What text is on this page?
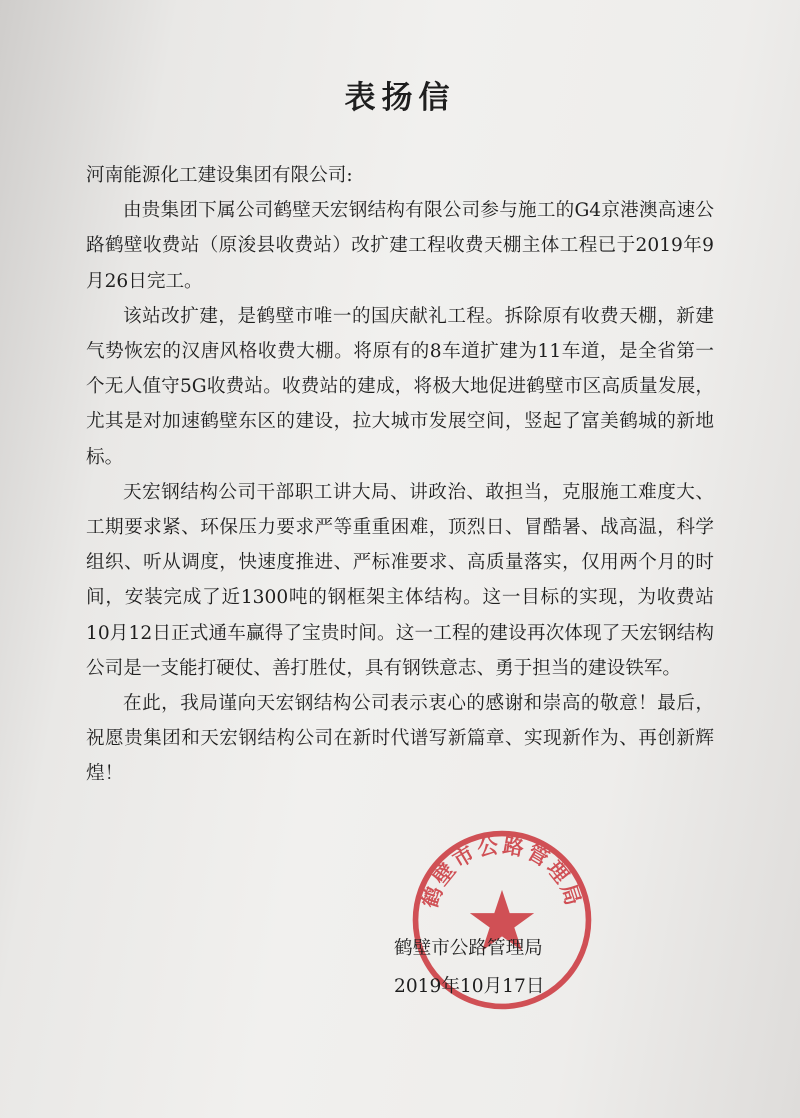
表扬信

河南能源化工建设集团有限公司:

由贵集团下属公司鹤壁天宏钢结构有限公司参与施工的G4京港澳高速公路鹤壁收费站（原浚县收费站）改扩建工程收费天棚主体工程已于2019年9月26日完工。

该站改扩建，是鹤壁市唯一的国庆献礼工程。拆除原有收费天棚，新建气势恢宏的汉唐风格收费大棚。将原有的8车道扩建为11车道，是全省第一个无人值守5G收费站。收费站的建成，将极大地促进鹤壁市区高质量发展，尤其是对加速鹤壁东区的建设，拉大城市发展空间，竖起了富美鹤城的新地标。

天宏钢结构公司干部职工讲大局、讲政治、敢担当，克服施工难度大、工期要求紧、环保压力要求严等重重困难，顶烈日、冒酷暑、战高温，科学组织、听从调度，快速度推进、严标准要求、高质量落实，仅用两个月的时间，安装完成了近1300吨的钢框架主体结构。这一目标的实现，为收费站10月12日正式通车赢得了宝贵时间。这一工程的建设再次体现了天宏钢结构公司是一支能打硬仗、善打胜仗，具有钢铁意志、勇于担当的建设铁军。

在此，我局谨向天宏钢结构公司表示衷心的感谢和崇高的敬意！最后，祝愿贵集团和天宏钢结构公司在新时代谱写新篇章、实现新作为、再创新辉煌！

鹤壁市公路管理局
鹤壁市公路管理局
2019年10月17日
